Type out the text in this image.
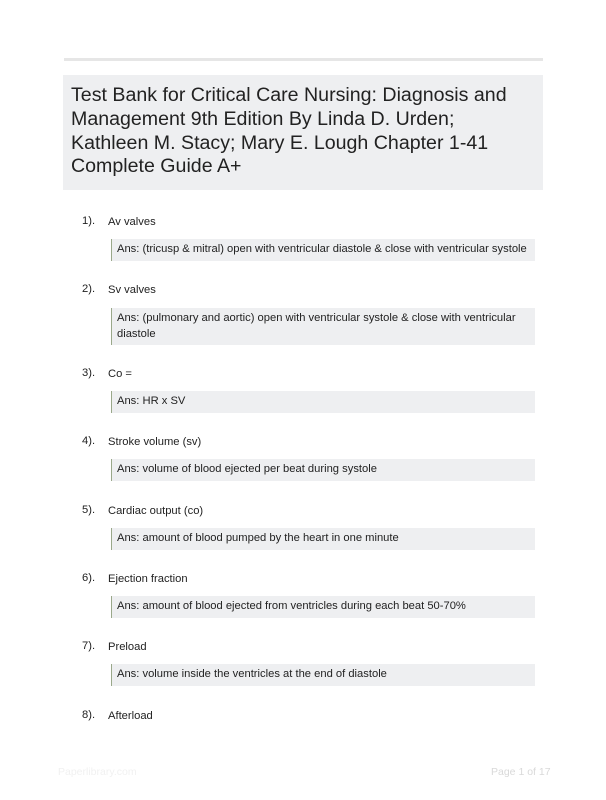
Test Bank for Critical Care Nursing: Diagnosis and Management 9th Edition By Linda D. Urden; Kathleen M. Stacy; Mary E. Lough Chapter 1-41 Complete Guide A+
1). Av valves
Ans: (tricusp & mitral) open with ventricular diastole & close with ventricular systole
2). Sv valves
Ans: (pulmonary and aortic) open with ventricular systole & close with ventricular diastole
3). Co =
Ans: HR x SV
4). Stroke volume (sv)
Ans: volume of blood ejected per beat during systole
5). Cardiac output (co)
Ans: amount of blood pumped by the heart in one minute
6). Ejection fraction
Ans: amount of blood ejected from ventricles during each beat 50-70%
7). Preload
Ans: volume inside the ventricles at the end of diastole
8). Afterload
Paperlibrary.com	Page 1 of 17
